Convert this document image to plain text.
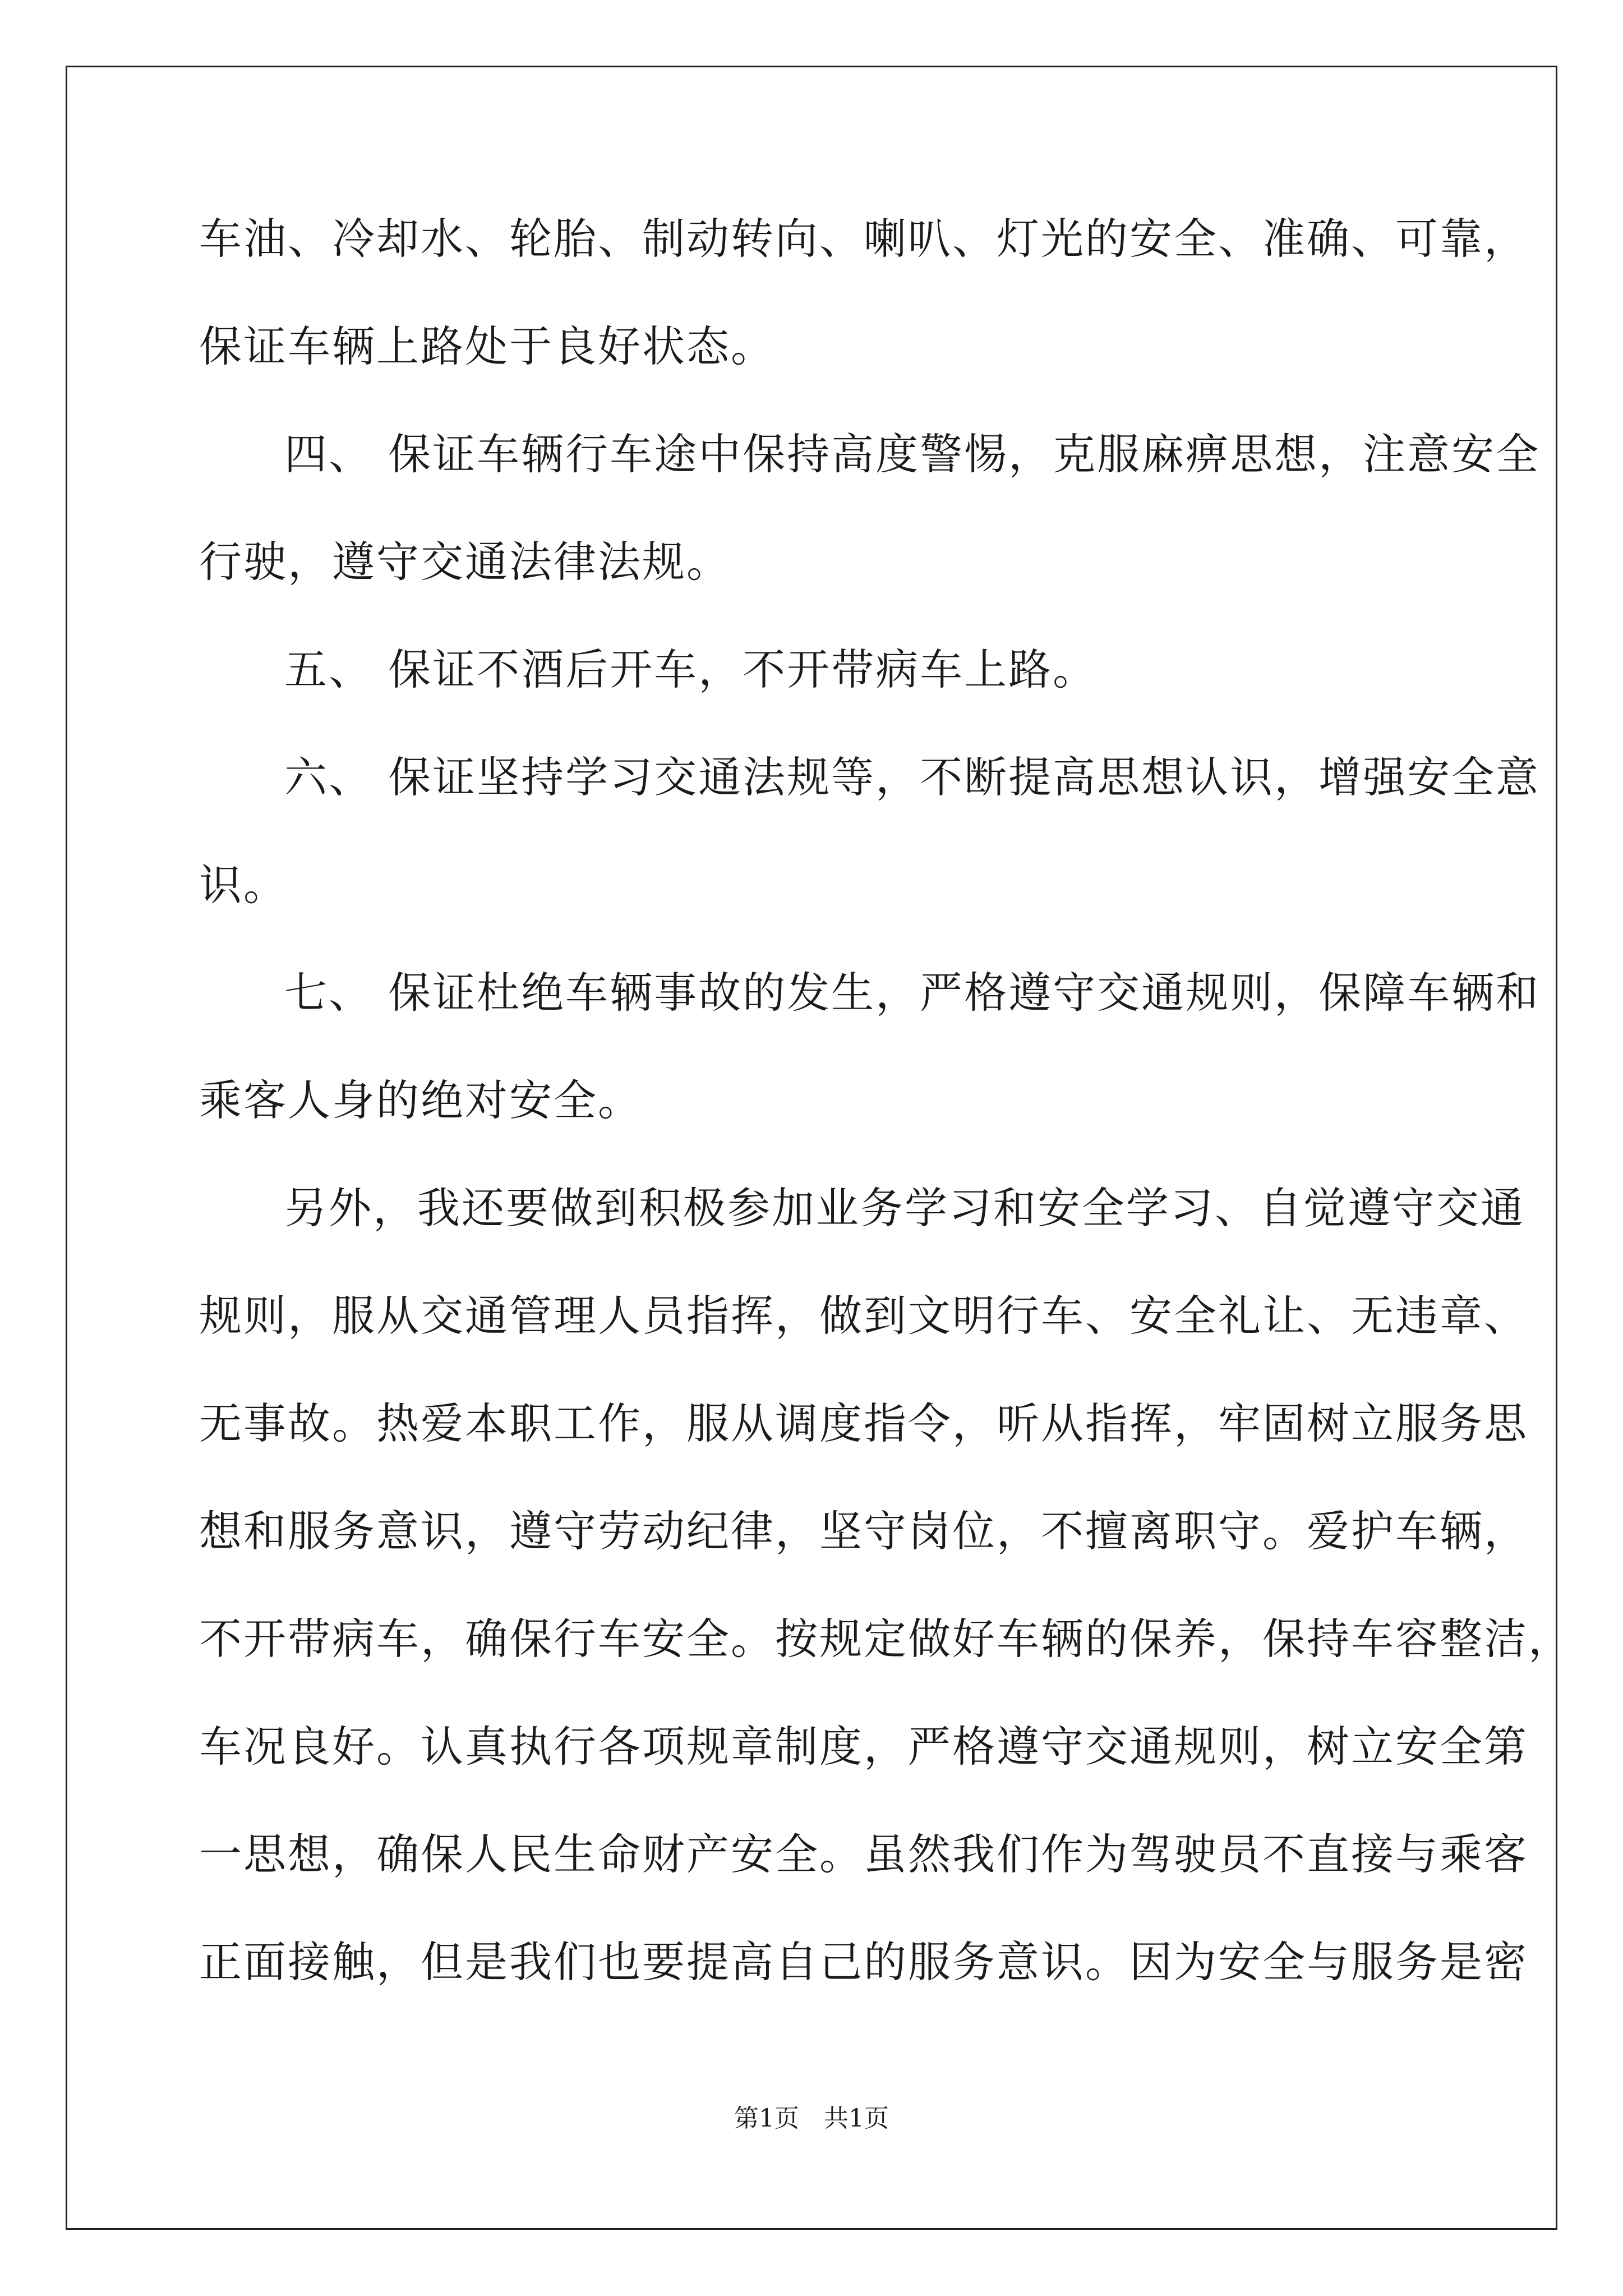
车油、冷却水、轮胎、制动转向、喇叭、灯光的安全、准确、可靠，
保证车辆上路处于良好状态。
四、 保证车辆行车途中保持高度警惕，克服麻痹思想，注意安全
行驶，遵守交通法律法规。
五、 保证不酒后开车，不开带病车上路。
六、 保证坚持学习交通法规等，不断提高思想认识，增强安全意
识。
七、 保证杜绝车辆事故的发生，严格遵守交通规则，保障车辆和
乘客人身的绝对安全。
另外，我还要做到积极参加业务学习和安全学习、自觉遵守交通
规则，服从交通管理人员指挥，做到文明行车、安全礼让、无违章、
无事故。热爱本职工作，服从调度指令，听从指挥，牢固树立服务思
想和服务意识，遵守劳动纪律，坚守岗位，不擅离职守。爱护车辆，
不开带病车，确保行车安全。按规定做好车辆的保养，保持车容整洁，
车况良好。认真执行各项规章制度，严格遵守交通规则，树立安全第
一思想，确保人民生命财产安全。虽然我们作为驾驶员不直接与乘客
正面接触，但是我们也要提高自己的服务意识。因为安全与服务是密
第1页 共1页
